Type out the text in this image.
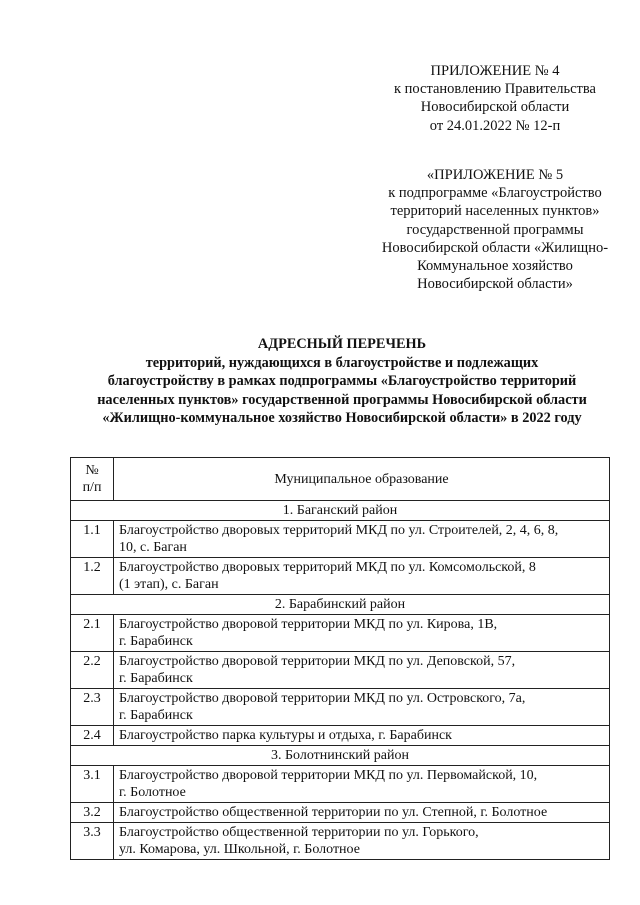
ПРИЛОЖЕНИЕ № 4
к постановлению Правительства
Новосибирской области
от 24.01.2022 № 12-п
«ПРИЛОЖЕНИЕ № 5
к подпрограмме «Благоустройство
территорий населенных пунктов»
государственной программы
Новосибирской области «Жилищно-
Коммунальное хозяйство
Новосибирской области»
АДРЕСНЫЙ ПЕРЕЧЕНЬ
территорий, нуждающихся в благоустройстве и подлежащих
благоустройству в рамках подпрограммы «Благоустройство территорий
населенных пунктов» государственной программы Новосибирской области
«Жилищно-коммунальное хозяйство Новосибирской области» в 2022 году
№
п/п	Муниципальное образование
1. Баганский район	
1.1	Благоустройство дворовых территорий МКД по ул. Строителей, 2, 4, 6, 8,
10, с. Баган

1.2	Благоустройство дворовых территорий МКД по ул. Комсомольской, 8
(1 этап), с. Баган

2. Барабинский район	
2.1	Благоустройство дворовой территории МКД по ул. Кирова, 1В,
г. Барабинск

2.2	Благоустройство дворовой территории МКД по ул. Деповской, 57,
г. Барабинск

2.3	Благоустройство дворовой территории МКД по ул. Островского, 7а,
г. Барабинск

2.4	Благоустройство парка культуры и отдыха, г. Барабинск

3. Болотнинский район	
3.1	Благоустройство дворовой территории МКД по ул. Первомайской, 10,
г. Болотное

3.2	Благоустройство общественной территории по ул. Степной, г. Болотное

3.3	Благоустройство общественной территории по ул. Горького,
ул. Комарова, ул. Школьной, г. Болотное
